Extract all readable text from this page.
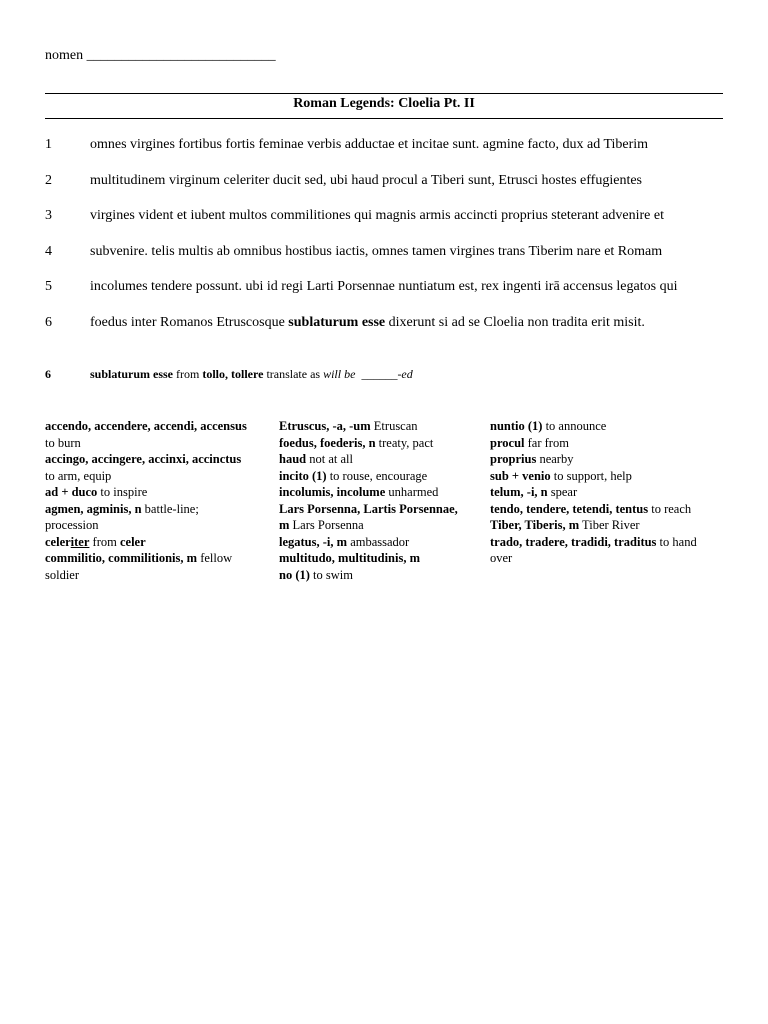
nomen ___________________________
Roman Legends: Cloelia Pt. II
1	omnes virgines fortibus fortis feminae verbis adductae et incitae sunt. agmine facto, dux ad Tiberim
2	multitudinem virginum celeriter ducit sed, ubi haud procul a Tiberi sunt, Etrusci hostes effugientes
3	virgines vident et iubent multos commilitiones qui magnis armis accincti proprius steterant advenire et
4	subvenire. telis multis ab omnibus hostibus iactis, omnes tamen virgines trans Tiberim nare et Romam
5	incolumes tendere possunt. ubi id regi Larti Porsennae nuntiatum est, rex ingenti irā accensus legatos qui
6	foedus inter Romanos Etruscosque sublaturum esse dixerunt si ad se Cloelia non tradita erit misit.
6	sublaturum esse from tollo, tollere translate as will be ______-ed
accendo, accendere, accendi, accensus
to burn
accingo, accingere, accinxi, accinctus
to arm, equip
ad + duco to inspire
agmen, agminis, n battle-line;
procession
celeriter from celer
commilitio, commilitionis, m fellow
soldier
Etruscus, -a, -um Etruscan
foedus, foederis, n treaty, pact
haud not at all
incito (1) to rouse, encourage
incolumis, incolume unharmed
Lars Porsenna, Lartis Porsennae,
m Lars Porsenna
legatus, -i, m ambassador
multitudo, multitudinis, m
no (1) to swim
nuntio (1) to announce
procul far from
proprius nearby
sub + venio to support, help
telum, -i, n spear
tendo, tendere, tetendi, tentus to reach
Tiber, Tiberis, m Tiber River
trado, tradere, tradidi, traditus to hand
over
